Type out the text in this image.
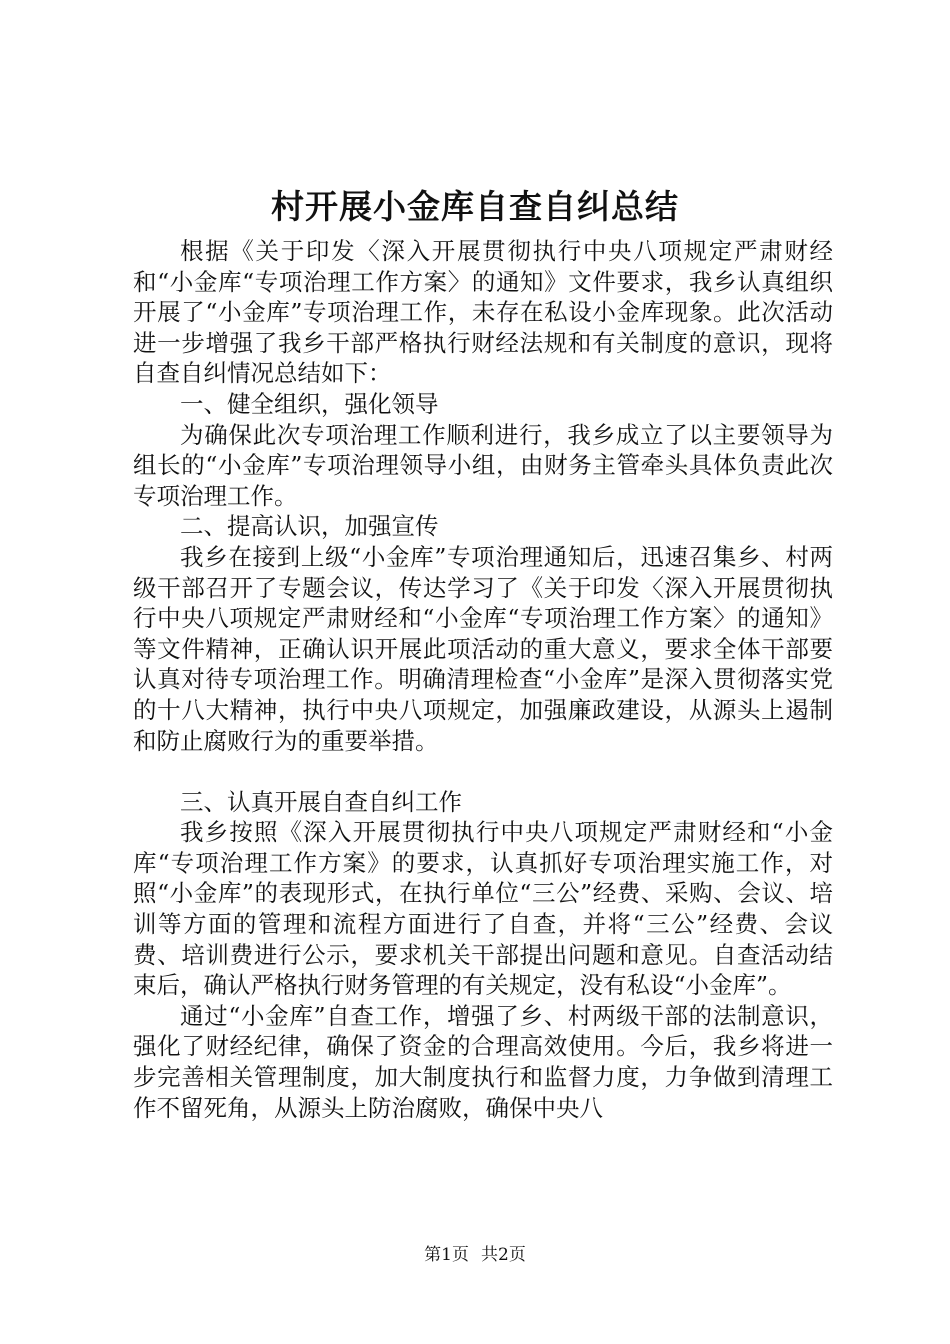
村开展小金库自查自纠总结

根据《关于印发〈深入开展贯彻执行中央八项规定严肃财经和“小金库“专项治理工作方案〉的通知》文件要求，我乡认真组织开展了“小金库”专项治理工作，未存在私设小金库现象。此次活动进一步增强了我乡干部严格执行财经法规和有关制度的意识，现将自查自纠情况总结如下：

一、健全组织，强化领导

为确保此次专项治理工作顺利进行，我乡成立了以主要领导为组长的“小金库”专项治理领导小组，由财务主管牵头具体负责此次专项治理工作。

二、提高认识，加强宣传

我乡在接到上级“小金库”专项治理通知后，迅速召集乡、村两级干部召开了专题会议，传达学习了《关于印发〈深入开展贯彻执行中央八项规定严肃财经和“小金库“专项治理工作方案〉的通知》等文件精神，正确认识开展此项活动的重大意义，要求全体干部要认真对待专项治理工作。明确清理检查“小金库”是深入贯彻落实党的十八大精神，执行中央八项规定，加强廉政建设，从源头上遏制和防止腐败行为的重要举措。

三、认真开展自查自纠工作

我乡按照《深入开展贯彻执行中央八项规定严肃财经和“小金库“专项治理工作方案》的要求，认真抓好专项治理实施工作，对照“小金库”的表现形式，在执行单位“三公”经费、采购、会议、培训等方面的管理和流程方面进行了自查，并将“三公”经费、会议费、培训费进行公示，要求机关干部提出问题和意见。自查活动结束后，确认严格执行财务管理的有关规定，没有私设“小金库”。

通过“小金库”自查工作，增强了乡、村两级干部的法制意识，强化了财经纪律，确保了资金的合理高效使用。今后，我乡将进一步完善相关管理制度，加大制度执行和监督力度，力争做到清理工作不留死角，从源头上防治腐败，确保中央八

第1页 共2页
